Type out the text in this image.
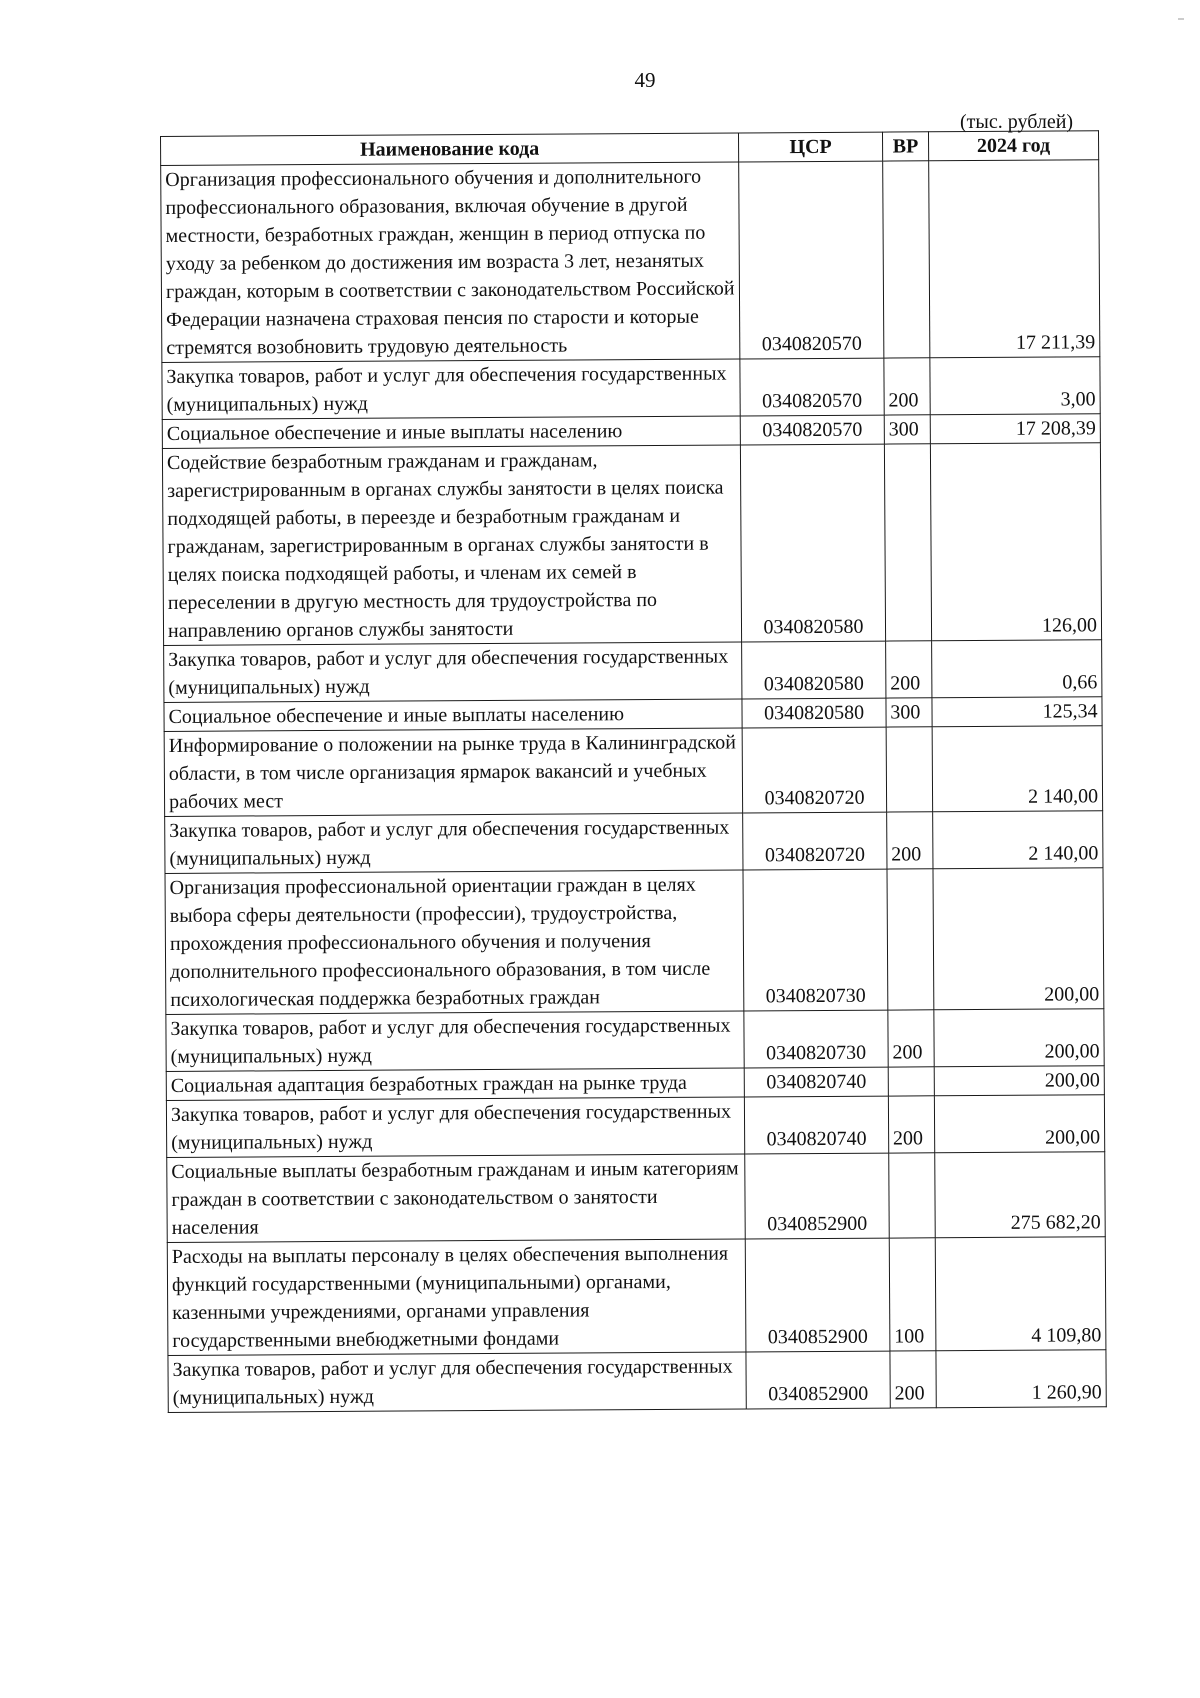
49
(тыс. рублей)
Наименование кода	ЦСР	ВР	2024 год
Организация профессионального обучения и дополнительного профессионального образования, включая обучение в другой местности, безработных граждан, женщин в период отпуска по уходу за ребенком до достижения им возраста 3 лет, незанятых граждан, которым в соответствии с законодательством Российской Федерации назначена страховая пенсия по старости и которые стремятся возобновить трудовую деятельность	0340820570		17 211,39
Закупка товаров, работ и услуг для обеспечения государственных (муниципальных) нужд	0340820570	200	3,00
Социальное обеспечение и иные выплаты населению	0340820570	300	17 208,39
Содействие безработным гражданам и гражданам, зарегистрированным в органах службы занятости в целях поиска подходящей работы, в переезде и безработным гражданам и гражданам, зарегистрированным в органах службы занятости в целях поиска подходящей работы, и членам их семей в переселении в другую местность для трудоустройства по направлению органов службы занятости	0340820580		126,00
Закупка товаров, работ и услуг для обеспечения государственных (муниципальных) нужд	0340820580	200	0,66
Социальное обеспечение и иные выплаты населению	0340820580	300	125,34
Информирование о положении на рынке труда в Калининградской области, в том числе организация ярмарок вакансий и учебных рабочих мест	0340820720		2 140,00
Закупка товаров, работ и услуг для обеспечения государственных (муниципальных) нужд	0340820720	200	2 140,00
Организация профессиональной ориентации граждан в целях выбора сферы деятельности (профессии), трудоустройства, прохождения профессионального обучения и получения дополнительного профессионального образования, в том числе психологическая поддержка безработных граждан	0340820730		200,00
Закупка товаров, работ и услуг для обеспечения государственных (муниципальных) нужд	0340820730	200	200,00
Социальная адаптация безработных граждан на рынке труда	0340820740		200,00
Закупка товаров, работ и услуг для обеспечения государственных (муниципальных) нужд	0340820740	200	200,00
Социальные выплаты безработным гражданам и иным категориям граждан в соответствии с законодательством о занятости населения	0340852900		275 682,20
Расходы на выплаты персоналу в целях обеспечения выполнения функций государственными (муниципальными) органами, казенными учреждениями, органами управления государственными внебюджетными фондами	0340852900	100	4 109,80
Закупка товаров, работ и услуг для обеспечения государственных (муниципальных) нужд	0340852900	200	1 260,90
